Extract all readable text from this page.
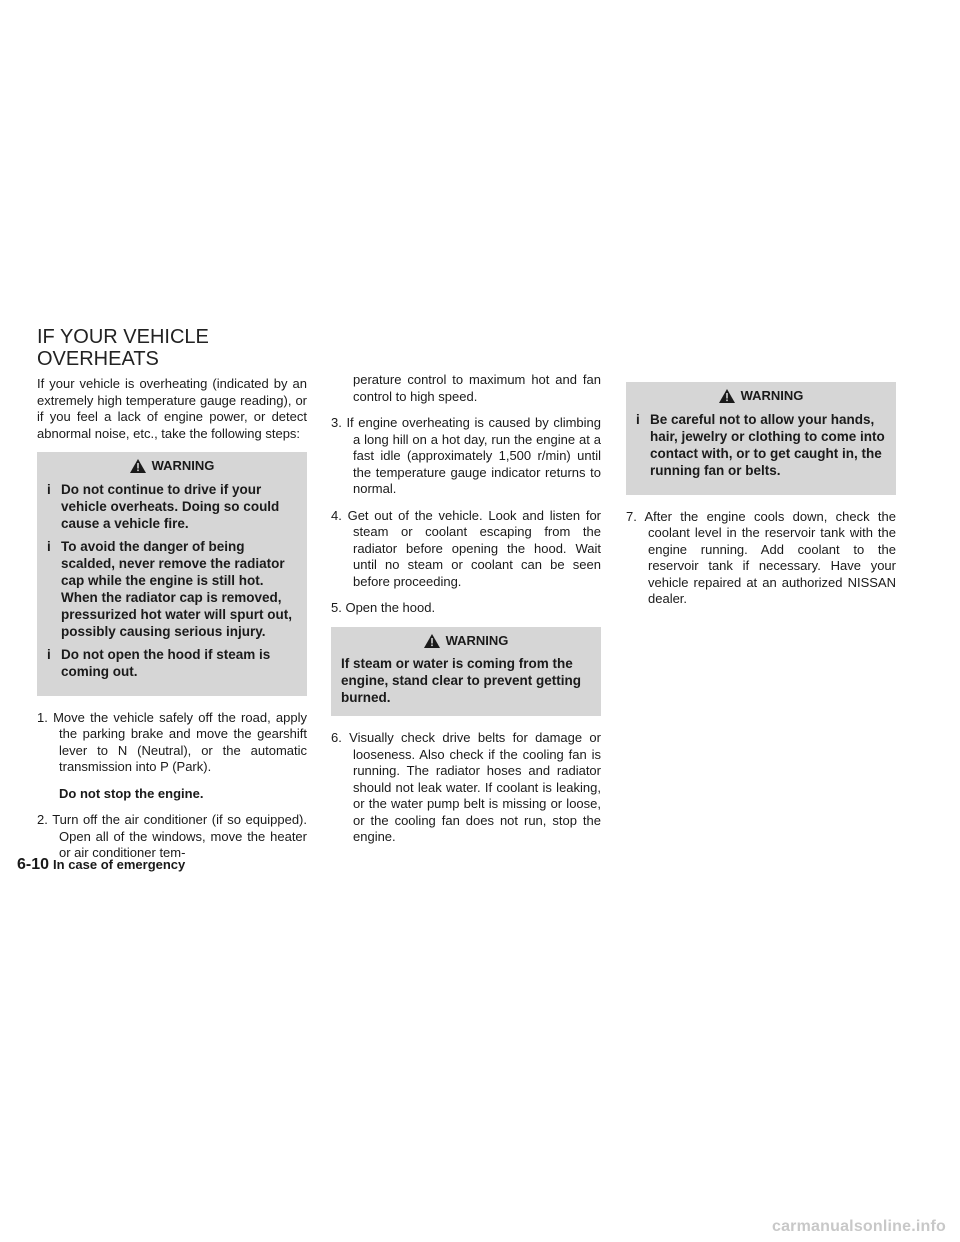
IF YOUR VEHICLE
OVERHEATS

If your vehicle is overheating (indicated by an extremely high temperature gauge reading), or if you feel a lack of engine power, or detect abnormal noise, etc., take the following steps:

WARNING
i Do not continue to drive if your vehicle overheats. Doing so could cause a vehicle fire.
i To avoid the danger of being scalded, never remove the radiator cap while the engine is still hot. When the radiator cap is removed, pressurized hot water will spurt out, possibly causing serious injury.
i Do not open the hood if steam is coming out.

1. Move the vehicle safely off the road, apply the parking brake and move the gearshift lever to N (Neutral), or the automatic transmission into P (Park).

Do not stop the engine.

2. Turn off the air conditioner (if so equipped). Open all of the windows, move the heater or air conditioner tem-

perature control to maximum hot and fan control to high speed.

3. If engine overheating is caused by climbing a long hill on a hot day, run the engine at a fast idle (approximately 1,500 r/min) until the temperature gauge indicator returns to normal.

4. Get out of the vehicle. Look and listen for steam or coolant escaping from the radiator before opening the hood. Wait until no steam or coolant can be seen before proceeding.

5. Open the hood.

WARNING
If steam or water is coming from the engine, stand clear to prevent getting burned.

6. Visually check drive belts for damage or looseness. Also check if the cooling fan is running. The radiator hoses and radiator should not leak water. If coolant is leaking, or the water pump belt is missing or loose, or the cooling fan does not run, stop the engine.

WARNING
i Be careful not to allow your hands, hair, jewelry or clothing to come into contact with, or to get caught in, the running fan or belts.

7. After the engine cools down, check the coolant level in the reservoir tank with the engine running. Add coolant to the reservoir tank if necessary. Have your vehicle repaired at an authorized NISSAN dealer.

6-10 In case of emergency
carmanualsonline.info
